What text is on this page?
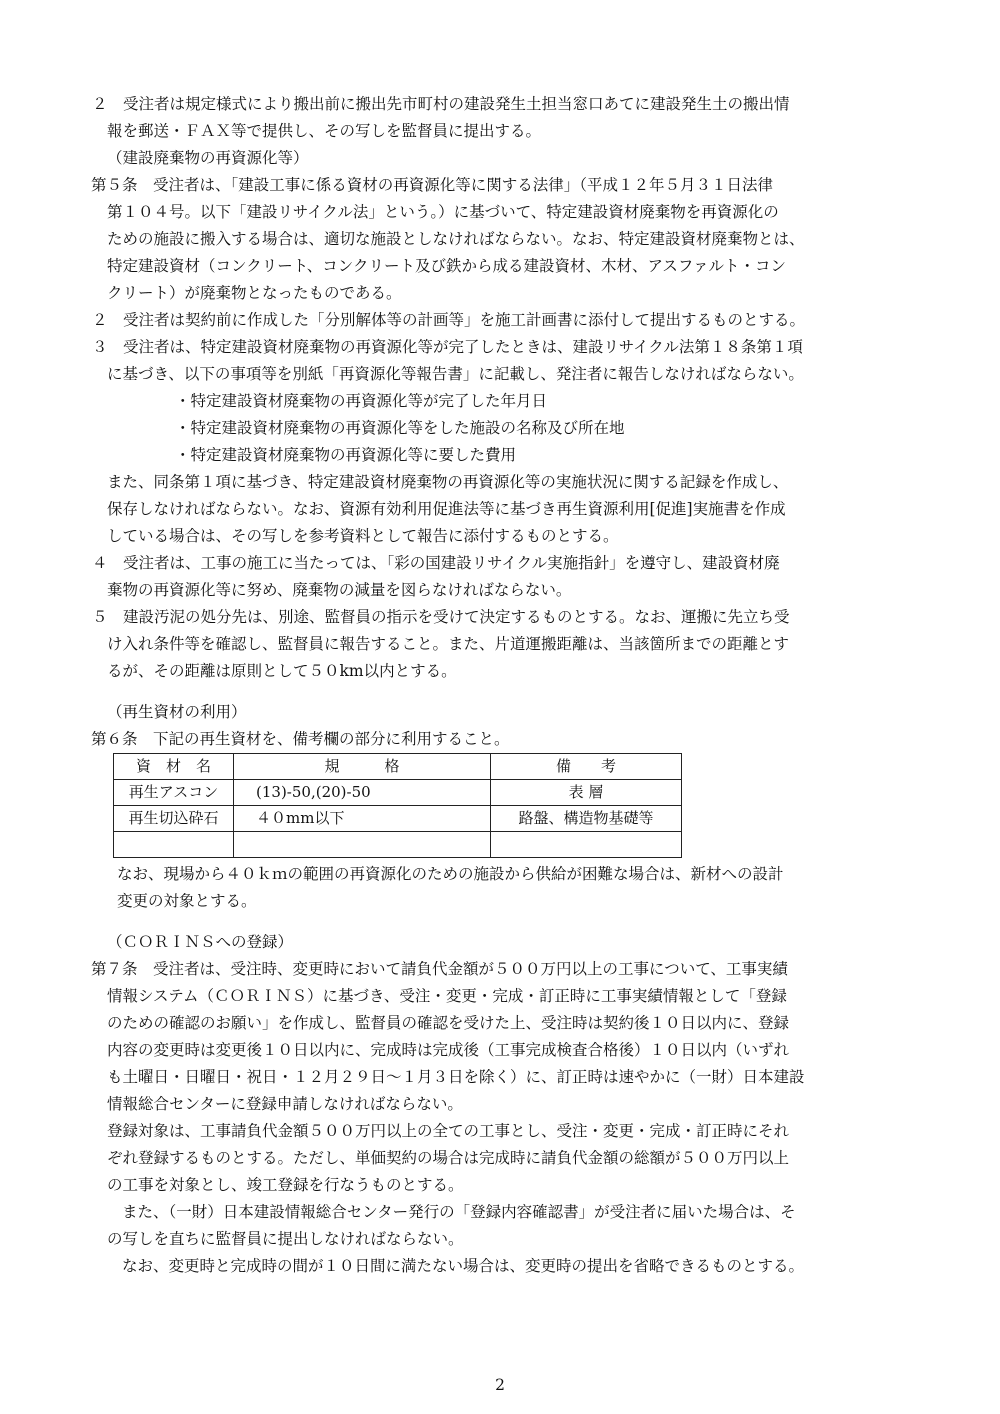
２　受注者は規定様式により搬出前に搬出先市町村の建設発生土担当窓口あてに建設発生土の搬出情

報を郵送・ＦＡＸ等で提供し、その写しを監督員に提出する。

（建設廃棄物の再資源化等）

第５条　受注者は、「建設工事に係る資材の再資源化等に関する法律」（平成１２年５月３１日法律

第１０４号。以下「建設リサイクル法」という。）に基づいて、特定建設資材廃棄物を再資源化の

ための施設に搬入する場合は、適切な施設としなければならない。なお、特定建設資材廃棄物とは、

特定建設資材（コンクリート、コンクリート及び鉄から成る建設資材、木材、アスファルト・コン

クリート）が廃棄物となったものである。

２　受注者は契約前に作成した「分別解体等の計画等」を施工計画書に添付して提出するものとする。

３　受注者は、特定建設資材廃棄物の再資源化等が完了したときは、建設リサイクル法第１８条第１項

に基づき、以下の事項等を別紙「再資源化等報告書」に記載し、発注者に報告しなければならない。

・特定建設資材廃棄物の再資源化等が完了した年月日

・特定建設資材廃棄物の再資源化等をした施設の名称及び所在地

・特定建設資材廃棄物の再資源化等に要した費用

また、同条第１項に基づき、特定建設資材廃棄物の再資源化等の実施状況に関する記録を作成し、

保存しなければならない。なお、資源有効利用促進法等に基づき再生資源利用[促進]実施書を作成

している場合は、その写しを参考資料として報告に添付するものとする。

４　受注者は、工事の施工に当たっては、「彩の国建設リサイクル実施指針」を遵守し、建設資材廃

棄物の再資源化等に努め、廃棄物の減量を図らなければならない。

５　建設汚泥の処分先は、別途、監督員の指示を受けて決定するものとする。なお、運搬に先立ち受

け入れ条件等を確認し、監督員に報告すること。また、片道運搬距離は、当該箇所までの距離とす

るが、その距離は原則として５０km以内とする。

（再生資材の利用）

第６条　下記の再生資材を、備考欄の部分に利用すること。

なお、現場から４０ｋｍの範囲の再資源化のための施設から供給が困難な場合は、新材への設計

変更の対象とする。

（ＣＯＲＩＮＳへの登録）

第７条　受注者は、受注時、変更時において請負代金額が５００万円以上の工事について、工事実績

情報システム（ＣＯＲＩＮＳ）に基づき、受注・変更・完成・訂正時に工事実績情報として「登録

のための確認のお願い」を作成し、監督員の確認を受けた上、受注時は契約後１０日以内に、登録

内容の変更時は変更後１０日以内に、完成時は完成後（工事完成検査合格後）１０日以内（いずれ

も土曜日・日曜日・祝日・１２月２９日～１月３日を除く）に、訂正時は速やかに（一財）日本建設

情報総合センターに登録申請しなければならない。

登録対象は、工事請負代金額５００万円以上の全ての工事とし、受注・変更・完成・訂正時にそれ

ぞれ登録するものとする。ただし、単価契約の場合は完成時に請負代金額の総額が５００万円以上

の工事を対象とし、竣工登録を行なうものとする。

また、（一財）日本建設情報総合センター発行の「登録内容確認書」が受注者に届いた場合は、そ

の写しを直ちに監督員に提出しなければならない。

なお、変更時と完成時の間が１０日間に満たない場合は、変更時の提出を省略できるものとする。

資　材　名	規　　　格	備　　考
再生アスコン	(13)-50,(20)-50	表 層
再生切込砕石	４０mm以下	路盤、構造物基礎等

2
